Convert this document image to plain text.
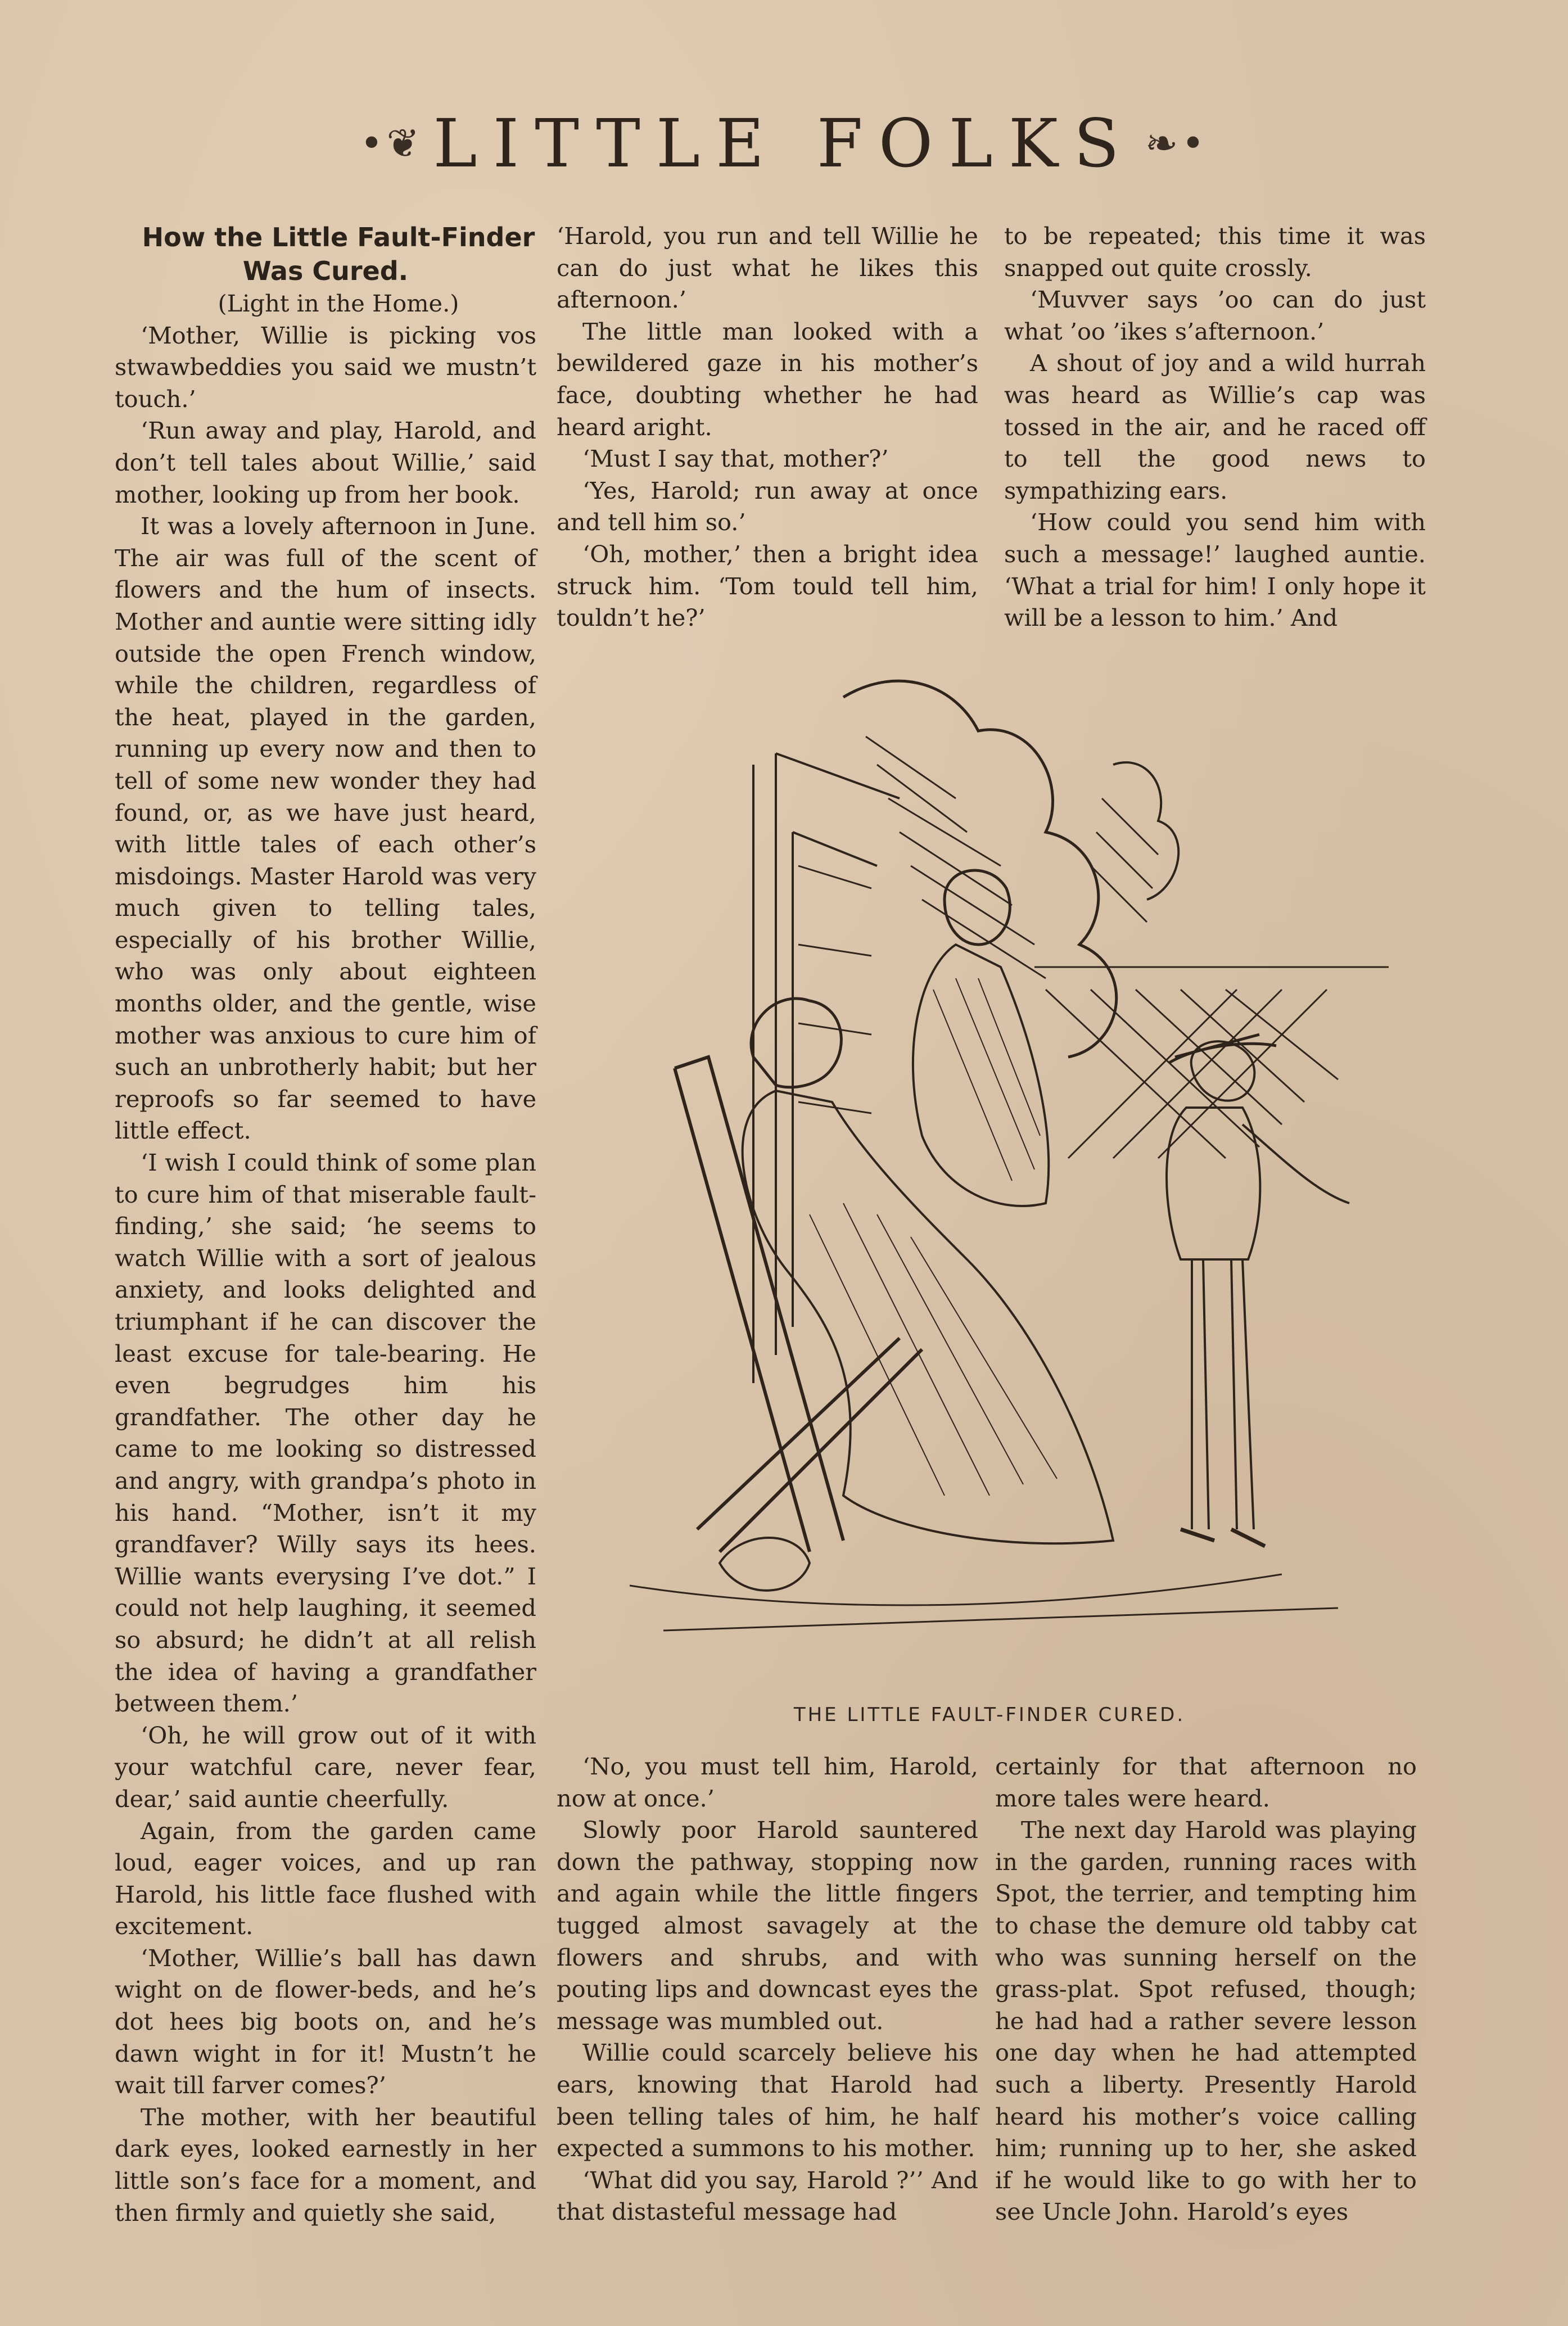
•❦ LITTLE FOLKS ❧•

How the Little Fault-Finder Was Cured.

(Light in the Home.)

‘Mother, Willie is picking vos stwawbeddies you said we mustn’t touch.’

‘Run away and play, Harold, and don’t tell tales about Willie,’ said mother, looking up from her book.

It was a lovely afternoon in June. The air was full of the scent of flowers and the hum of insects. Mother and auntie were sitting idly outside the open French window, while the children, regardless of the heat, played in the garden, running up every now and then to tell of some new wonder they had found, or, as we have just heard, with little tales of each other’s misdoings. Master Harold was very much given to telling tales, especially of his brother Willie, who was only about eighteen months older, and the gentle, wise mother was anxious to cure him of such an unbrotherly habit; but her reproofs so far seemed to have little effect.

‘I wish I could think of some plan to cure him of that miserable fault-finding,’ she said; ‘he seems to watch Willie with a sort of jealous anxiety, and looks delighted and triumphant if he can discover the least excuse for tale-bearing. He even begrudges him his grandfather. The other day he came to me looking so distressed and angry, with grandpa’s photo in his hand. “Mother, isn’t it my grandfaver? Willy says its hees. Willie wants everysing I’ve dot.” I could not help laughing, it seemed so absurd; he didn’t at all relish the idea of having a grandfather between them.’

‘Oh, he will grow out of it with your watchful care, never fear, dear,’ said auntie cheerfully.

Again, from the garden came loud, eager voices, and up ran Harold, his little face flushed with excitement.

‘Mother, Willie’s ball has dawn wight on de flower-beds, and he’s dot hees big boots on, and he’s dawn wight in for it! Mustn’t he wait till farver comes?’

The mother, with her beautiful dark eyes, looked earnestly in her little son’s face for a moment, and then firmly and quietly she said,

‘Harold, you run and tell Willie he can do just what he likes this afternoon.’

The little man looked with a bewildered gaze in his mother’s face, doubting whether he had heard aright.

‘Must I say that, mother?’

‘Yes, Harold; run away at once and tell him so.’

‘Oh, mother,’ then a bright idea struck him. ‘Tom tould tell him, touldn’t he?’

to be repeated; this time it was snapped out quite crossly.

‘Muvver says ’oo can do just what ’oo ’ikes s’afternoon.’

A shout of joy and a wild hurrah was heard as Willie’s cap was tossed in the air, and he raced off to tell the good news to sympathizing ears.

‘How could you send him with such a message!’ laughed auntie. ‘What a trial for him! I only hope it will be a lesson to him.’ And

THE LITTLE FAULT-FINDER CURED.

‘No, you must tell him, Harold, now at once.’

Slowly poor Harold sauntered down the pathway, stopping now and again while the little fingers tugged almost savagely at the flowers and shrubs, and with pouting lips and downcast eyes the message was mumbled out.

Willie could scarcely believe his ears, knowing that Harold had been telling tales of him, he half expected a summons to his mother.

‘What did you say, Harold ?’’ And that distasteful message had

certainly for that afternoon no more tales were heard.

The next day Harold was playing in the garden, running races with Spot, the terrier, and tempting him to chase the demure old tabby cat who was sunning herself on the grass-plat. Spot refused, though; he had had a rather severe lesson one day when he had attempted such a liberty. Presently Harold heard his mother’s voice calling him; running up to her, she asked if he would like to go with her to see Uncle John. Harold’s eyes
